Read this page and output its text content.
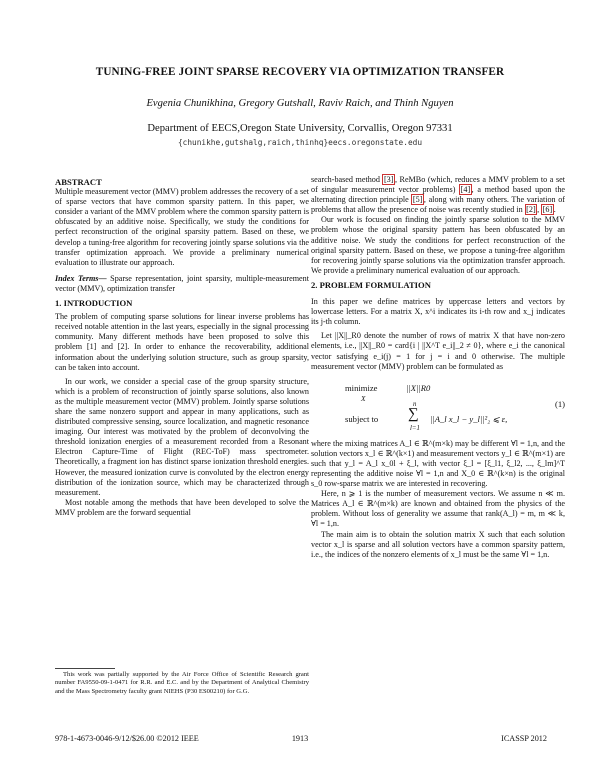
TUNING-FREE JOINT SPARSE RECOVERY VIA OPTIMIZATION TRANSFER
Evgenia Chunikhina, Gregory Gutshall, Raviv Raich, and Thinh Nguyen
Department of EECS,Oregon State University, Corvallis, Oregon 97331
{chunikhe,gutshalg,raich,thinhq}eecs.oregonstate.edu

ABSTRACT

Multiple measurement vector (MMV) problem addresses the recovery of a set of sparse vectors that have common sparsity pattern. In this paper, we consider a variant of the MMV problem where the common sparsity pattern is obfuscated by an additive noise. Specifically, we study the conditions for perfect reconstruction of the original sparsity pattern. Based on these, we develop a tuning-free algorithm for recovering jointly sparse solutions via the transfer optimization approach. We provide a preliminary numerical evaluation to illustrate our approach.

Index Terms— Sparse representation, joint sparsity, multiple-measurement vector (MMV), optimization transfer

1. INTRODUCTION

The problem of computing sparse solutions for linear inverse problems has received notable attention in the last years, especially in the signal processing community. Many different methods have been proposed to solve this problem [1] and [2]. In order to enhance the recoverability, additional information about the underlying solution structure, such as group sparsity, can be taken into account.

In our work, we consider a special case of the group sparsity structure, which is a problem of reconstruction of jointly sparse solutions, also known as the multiple measurement vector (MMV) problem. Jointly sparse solutions share the same nonzero support and appear in many applications, such as distributed compressive sensing, source localization, and magnetic resonance imaging. Our interest was motivated by the problem of deconvolving the threshold ionization energies of a measurement recorded from a Resonant Electron Capture-Time of Flight (REC-ToF) mass spectrometer. Theoretically, a fragment ion has distinct sparse ionization threshold energies. However, the measured ionization curve is convoluted by the electron energy distribution of the ionization source, which may be characterized through measurement.

Most notable among the methods that have been developed to solve the MMV problem are the forward sequential

This work was partially supported by the Air Force Office of Scientific Research grant number FA9550-09-1-0471 for R.R. and E.C. and by the Department of Analytical Chemistry and the Mass Spectrometry faculty grant NIEHS (P30 ES00210) for G.G.

search-based method [3] , ReMBo (which, reduces a MMV problem to a set of singular measurement vector problems) [4] , a method based upon the alternating direction principle [5] , along with many others. The variation of problems that allow the presence of noise was recently studied in [2] , [6] .

Our work is focused on finding the jointly sparse solution to the MMV problem whose the original sparsity pattern has been obfuscated by an additive noise. We study the conditions for perfect reconstruction of the original sparsity pattern. Based on these, we propose a tuning-free algorithm for recovering jointly sparse solutions via the optimization transfer approach. We provide a preliminary numerical evaluation of our approach.

2. PROBLEM FORMULATION

In this paper we define matrices by uppercase letters and vectors by lowercase letters. For a matrix X, x^i indicates its i-th row and x_j indicates its j-th column.

Let ||X||_R0 denote the number of rows of matrix X that have non-zero elements, i.e., ||X||_R0 = card{i | ||X^T e_i||_2 ≠ 0}, where e_i the canonical vector satisfying e_i(j) = 1 for j = i and 0 otherwise. The multiple measurement vector (MMV) problem can be formulated as

minimize
X
||X||R0
subject to
n
∑
l=1
||A_l x_l − y_l||²₂ ⩽ ε,
(1)

where the mixing matrices A_l ∈ ℝ^(m×k) may be different ∀l = 1,n, and the solution vectors x_l ∈ ℝ^(k×1) and measurement vectors y_l ∈ ℝ^(m×1) are such that y_l = A_l x_0l + ξ_l, with vector ξ_l = [ξ_l1, ξ_l2, ..., ξ_lm]^T representing the additive noise ∀l = 1,n and X_0 ∈ ℝ^(k×n) is the original s_0 row-sparse matrix we are interested in recovering.

Here, n ⩾ 1 is the number of measurement vectors. We assume n ≪ m. Matrices A_l ∈ ℝ^(m×k) are known and obtained from the physics of the problem. Without loss of generality we assume that rank(A_l) = m, m ≪ k, ∀l = 1,n.

The main aim is to obtain the solution matrix X such that each solution vector x_l is sparse and all solution vectors have a common sparsity pattern, i.e., the indices of the nonzero elements of x_l must be the same ∀l = 1,n.

978-1-4673-0046-9/12/$26.00 ©2012 IEEE	1913	ICASSP 2012
